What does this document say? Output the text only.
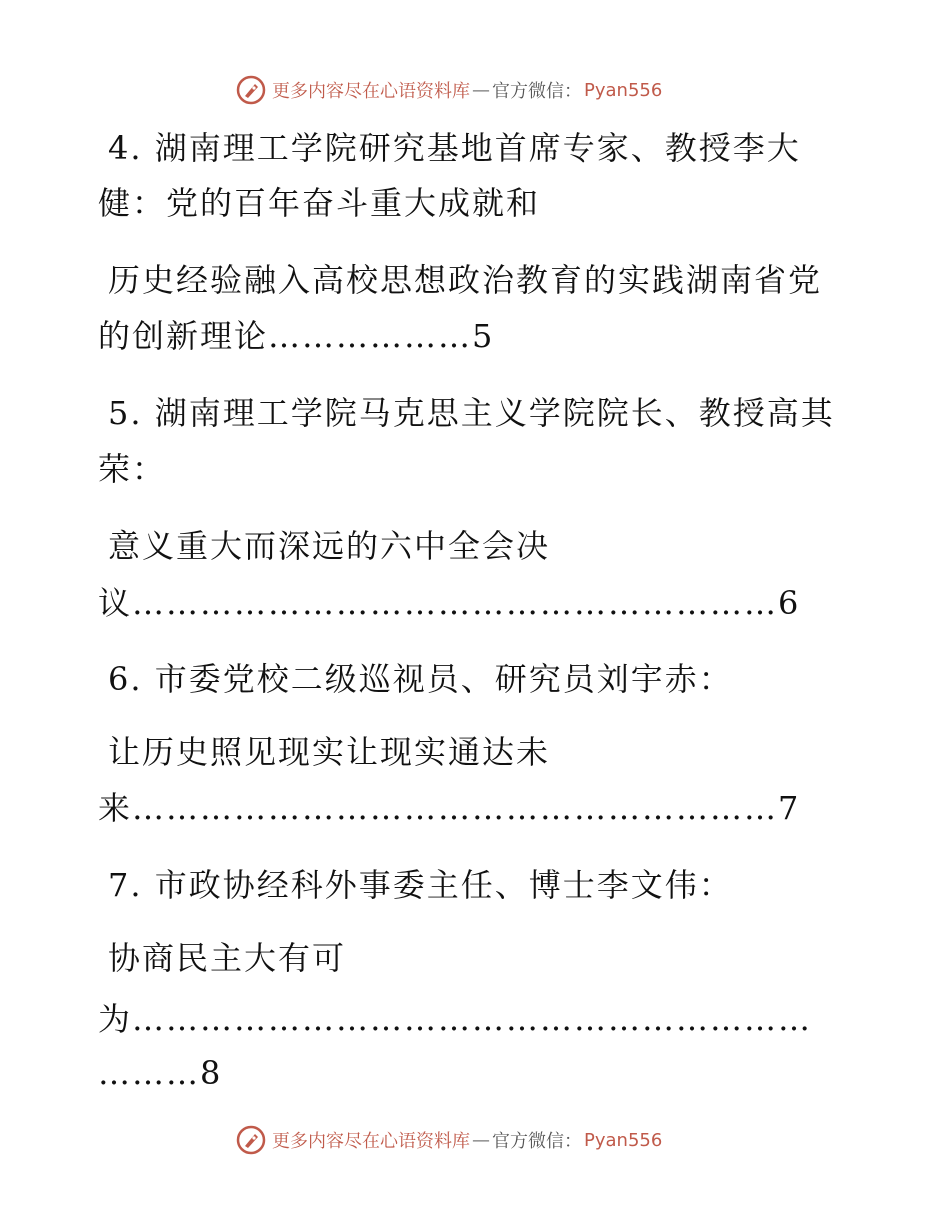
更多内容尽在心语资料库 — 官方微信： Pyan556
4. 湖南理工学院研究基地首席专家、教授李大
健：党的百年奋斗重大成就和
历史经验融入高校思想政治教育的实践湖南省党
的创新理论………………5
5. 湖南理工学院马克思主义学院院长、教授高其
荣：
意义重大而深远的六中全会决
议…………………………………………………6
6. 市委党校二级巡视员、研究员刘宇赤：
让历史照见现实让现实通达未
来…………………………………………………7
7. 市政协经科外事委主任、博士李文伟：
协商民主大有可
为……………………………………………………
………8
更多内容尽在心语资料库 — 官方微信： Pyan556
